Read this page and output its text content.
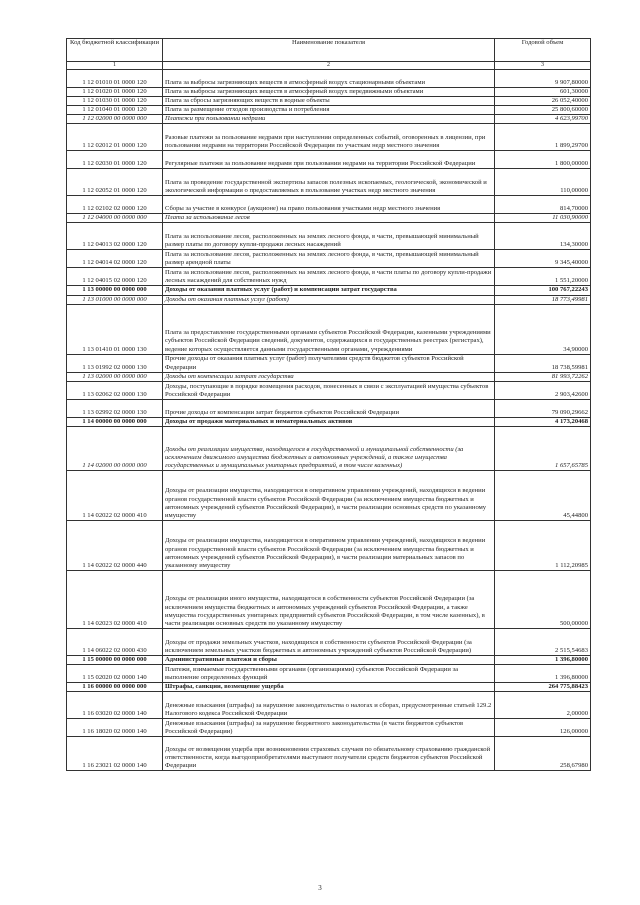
Код бюджетной классификации	Наименование показателя	Годовой объем
1	2	3
1 12 01010 01 0000 120	Плата за выбросы загрязняющих веществ в атмосферный воздух стационарными объектами	9 907,80000
1 12 01020 01 0000 120	Плата за выбросы загрязняющих веществ в атмосферный воздух передвижными объектами	601,30000
1 12 01030 01 0000 120	Плата за сбросы загрязняющих веществ в водные объекты	26 052,40000
1 12 01040 01 0000 120	Плата за размещение отходов производства и потребления	25 800,60000
1 12 02000 00 0000 000	Платежи при пользовании недрами	4 623,99700
1 12 02012 01 0000 120	Разовые платежи за пользование недрами при наступлении определенных событий, оговоренных в лицензии, при пользовании недрами на территории Российской Федерации по участкам недр местного значения	1 899,29700
1 12 02030 01 0000 120	Регулярные платежи за пользование недрами при пользовании недрами на территории Российской Федерации	1 800,00000
1 12 02052 01 0000 120	Плата за проведение государственной экспертизы запасов полезных ископаемых, геологической, экономической и экологической информации о предоставляемых в пользование участках недр местного значения	110,00000
1 12 02102 02 0000 120	Сборы за участие в конкурсе (аукционе) на право пользования участками недр местного значения	814,70000
1 12 04000 00 0000 000	Плата за использование лесов	11 030,90000
1 12 04013 02 0000 120	Плата за использование лесов, расположенных на землях лесного фонда, в части, превышающей минимальный размер платы по договору купли-продажи лесных насаждений	134,30000
1 12 04014 02 0000 120	Плата за использование лесов, расположенных на землях лесного фонда, в части, превышающей минимальный размер арендной платы	9 345,40000
1 12 04015 02 0000 120	Плата за использование лесов, расположенных на землях лесного фонда, в части платы по договору купли-продажи лесных насаждений для собственных нужд	1 551,20000
1 13 00000 00 0000 000	Доходы от оказания платных услуг (работ) и компенсации затрат государства	100 767,22243
1 13 01000 00 0000 000	Доходы от оказания платных услуг (работ)	18 773,49981
1 13 01410 01 0000 130	Плата за предоставление государственными органами субъектов Российской Федерации, казенными учреждениями субъектов Российской Федерации сведений, документов, содержащихся в государственных реестрах (регистрах), ведение которых осуществляется данными государственными органами, учреждениями	34,90000
1 13 01992 02 0000 130	Прочие доходы от оказания платных услуг (работ) получателями средств бюджетов субъектов Российской Федерации	18 738,59981
1 13 02000 00 0000 000	Доходы от компенсации затрат государства	81 993,72262
1 13 02062 02 0000 130	Доходы, поступающие в порядке возмещения расходов, понесенных в связи с эксплуатацией имущества субъектов Российской Федерации	2 903,42600
1 13 02992 02 0000 130	Прочие доходы от компенсации затрат бюджетов субъектов Российской Федерации	79 090,29662
1 14 00000 00 0000 000	Доходы от продажи материальных и нематериальных активов	4 173,20468
1 14 02000 00 0000 000	Доходы от реализации имущества, находящегося в государственной и муниципальной собственности (за исключением движимого имущества бюджетных и автономных учреждений, а также имущества государственных и муниципальных унитарных предприятий, в том числе казенных)	1 657,65785
1 14 02022 02 0000 410	Доходы от реализации имущества, находящегося в оперативном управлении учреждений, находящихся в ведении органов государственной власти субъектов Российской Федерации (за исключением имущества бюджетных и автономных учреждений субъектов Российской Федерации), в части реализации основных средств по указанному имуществу	45,44800
1 14 02022 02 0000 440	Доходы от реализации имущества, находящегося в оперативном управлении учреждений, находящихся в ведении органов государственной власти субъектов Российской Федерации (за исключением имущества бюджетных и автономных учреждений субъектов Российской Федерации), в части реализации материальных запасов по указанному имуществу	1 112,20985
1 14 02023 02 0000 410	Доходы от реализации иного имущества, находящегося в собственности субъектов Российской Федерации (за исключением имущества бюджетных и автономных учреждений субъектов Российской Федерации, а также имущества государственных унитарных предприятий субъектов Российской Федерации, в том числе казенных), в части реализации основных средств по указанному имуществу	500,00000
1 14 06022 02 0000 430	Доходы от продажи земельных участков, находящихся в собственности субъектов Российской Федерации (за исключением земельных участков бюджетных и автономных учреждений субъектов Российской Федерации)	2 515,54683
1 15 00000 00 0000 000	Административные платежи и сборы	1 396,80000
1 15 02020 02 0000 140	Платежи, взимаемые государственными органами (организациями) субъектов Российской Федерации за выполнение определенных функций	1 396,80000
1 16 00000 00 0000 000	Штрафы, санкции, возмещение ущерба	264 775,88423
1 16 03020 02 0000 140	Денежные взыскания (штрафы) за нарушение законодательства о налогах и сборах, предусмотренные статьей 129.2 Налогового кодекса Российской Федерации	2,00000
1 16 18020 02 0000 140	Денежные взыскания (штрафы) за нарушение бюджетного законодательства (в части бюджетов субъектов Российской Федерации)	126,00000
1 16 23021 02 0000 140	Доходы от возмещения ущерба при возникновении страховых случаев по обязательному страхованию гражданской ответственности, когда выгодоприобретателями выступают получатели средств бюджетов субъектов Российской Федерации	258,67980
3
